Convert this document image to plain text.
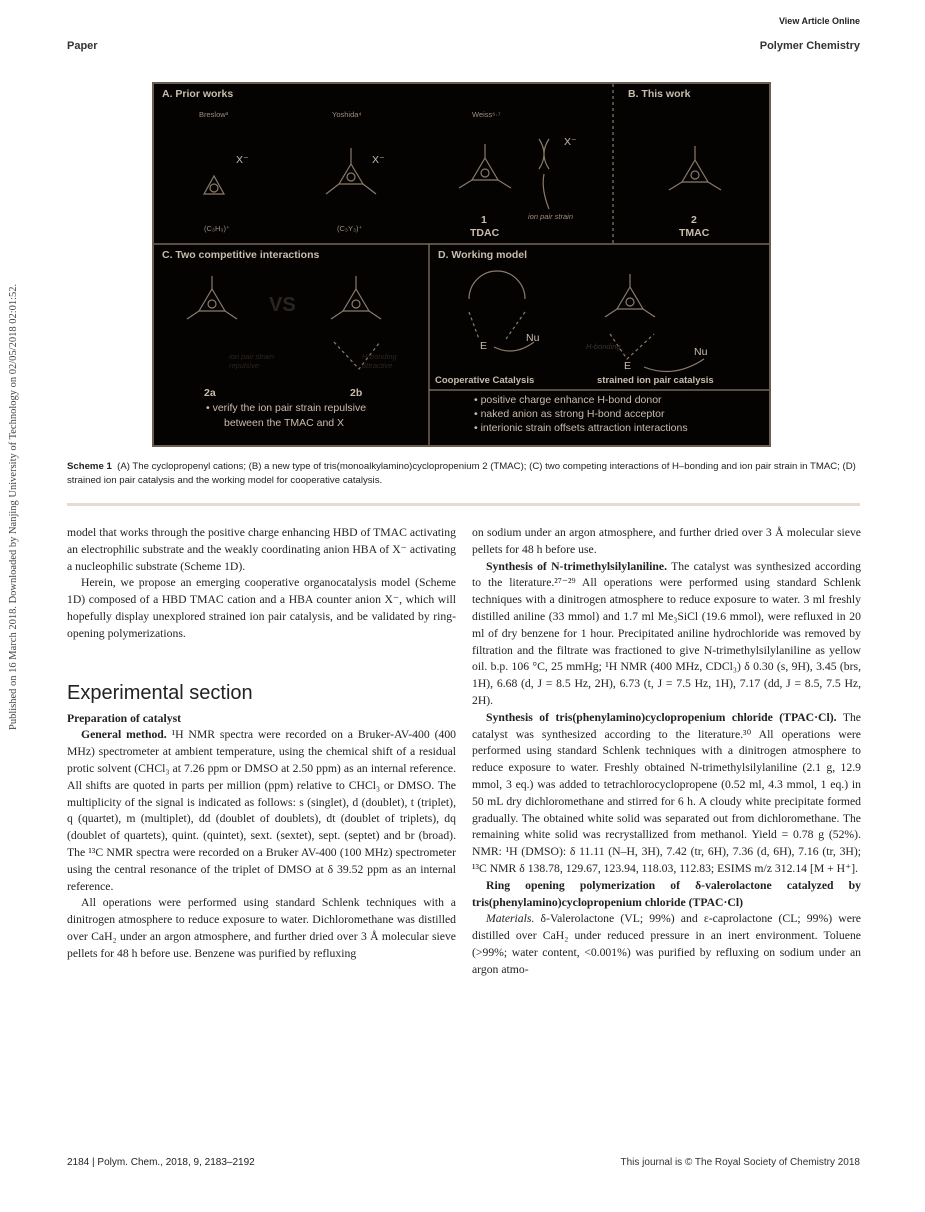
View Article Online
Paper	Polymer Chemistry
Published on 16 March 2018. Downloaded by Nanjing University of Technology on 02/05/2018 02:01:52.
A. Prior works
Breslow³	Yoshida⁴	Weiss⁶·⁷
X⁻	X⁻
X⁻
(C₃H₃)⁺	(C₃Y₃)⁺
ion pair strain
1
TDAC
B. This work
2
TMAC
C. Two competitive interactions
VS
ion pair strain repulsive
H-bonding attractive
2a	2b
• verify the ion pair strain repulsive
between the TMAC and X
D. Working model
E
Nu
E
Nu
H-bonding
Cooperative Catalysis	strained ion pair catalysis
• positive charge enhance H-bond donor
• naked anion as strong H-bond acceptor
• interionic strain offsets attraction interactions
Scheme 1 (A) The cyclopropenyl cations; (B) a new type of tris(monoalkylamino)cyclopropenium 2 (TMAC); (C) two competing interactions of H–bonding and ion pair strain in TMAC; (D) strained ion pair catalysis and the working model for cooperative catalysis.

model that works through the positive charge enhancing HBD of TMAC activating an electrophilic substrate and the weakly coordinating anion HBA of X⁻ activating a nucleophilic substrate (Scheme 1D).

Herein, we propose an emerging cooperative organocatalysis model (Scheme 1D) composed of a HBD TMAC cation and a HBA counter anion X⁻, which will hopefully display unexplored strained ion pair catalysis, and be validated by ring-opening polymerizations.

Experimental section

Preparation of catalyst

General method. ¹H NMR spectra were recorded on a Bruker-AV-400 (400 MHz) spectrometer at ambient temperature, using the chemical shift of a residual protic solvent (CHCl₃ at 7.26 ppm or DMSO at 2.50 ppm) as an internal reference. All shifts are quoted in parts per million (ppm) relative to CHCl₃ or DMSO. The multiplicity of the signal is indicated as follows: s (singlet), d (doublet), t (triplet), q (quartet), m (multiplet), dd (doublet of doublets), dt (doublet of triplets), dq (doublet of quartets), quint. (quintet), sext. (sextet), sept. (septet) and br (broad). The ¹³C NMR spectra were recorded on a Bruker AV-400 (100 MHz) spectrometer using the central resonance of the triplet of DMSO at δ 39.52 ppm as an internal reference.

All operations were performed using standard Schlenk techniques with a dinitrogen atmosphere to reduce exposure to water. Dichloromethane was distilled over CaH₂ under an argon atmosphere, and further dried over 3 Å molecular sieve pellets for 48 h before use. Benzene was purified by refluxing

on sodium under an argon atmosphere, and further dried over 3 Å molecular sieve pellets for 48 h before use.

Synthesis of N-trimethylsilylaniline. The catalyst was synthesized according to the literature.²⁷⁻²⁹ All operations were performed using standard Schlenk techniques with a dinitrogen atmosphere to reduce exposure to water. 3 ml freshly distilled aniline (33 mmol) and 1.7 ml Me₃SiCl (19.6 mmol), were refluxed in 20 ml of dry benzene for 1 hour. Precipitated aniline hydrochloride was removed by filtration and the filtrate was fractioned to give N-trimethylsilylaniline as yellow oil. b.p. 106 °C, 25 mmHg; ¹H NMR (400 MHz, CDCl₃) δ 0.30 (s, 9H), 3.45 (brs, 1H), 6.68 (d, J = 8.5 Hz, 2H), 6.73 (t, J = 7.5 Hz, 1H), 7.17 (dd, J = 8.5, 7.5 Hz, 2H).

Synthesis of tris(phenylamino)cyclopropenium chloride (TPAC·Cl). The catalyst was synthesized according to the literature.³⁰ All operations were performed using standard Schlenk techniques with a dinitrogen atmosphere to reduce exposure to water. Freshly obtained N-trimethylsilylaniline (2.1 g, 12.9 mmol, 3 eq.) was added to tetrachlorocyclopropene (0.52 ml, 4.3 mmol, 1 eq.) in 50 mL dry dichloromethane and stirred for 6 h. A cloudy white precipitate formed gradually. The obtained white solid was separated out from dichloromethane. The remaining white solid was recrystallized from methanol. Yield = 0.78 g (52%). NMR: ¹H (DMSO): δ 11.11 (N–H, 3H), 7.42 (tr, 6H), 7.36 (d, 6H), 7.16 (tr, 3H); ¹³C NMR δ 138.78, 129.67, 123.94, 118.03, 112.83; ESIMS m/z 312.14 [M + H⁺].

Ring opening polymerization of δ-valerolactone catalyzed by tris(phenylamino)cyclopropenium chloride (TPAC·Cl)

Materials. δ-Valerolactone (VL; 99%) and ε-caprolactone (CL; 99%) were distilled over CaH₂ under reduced pressure in an inert environment. Toluene (>99%; water content, <0.001%) was purified by refluxing on sodium under an argon atmo-

2184 | Polym. Chem., 2018, 9, 2183–2192	This journal is © The Royal Society of Chemistry 2018
